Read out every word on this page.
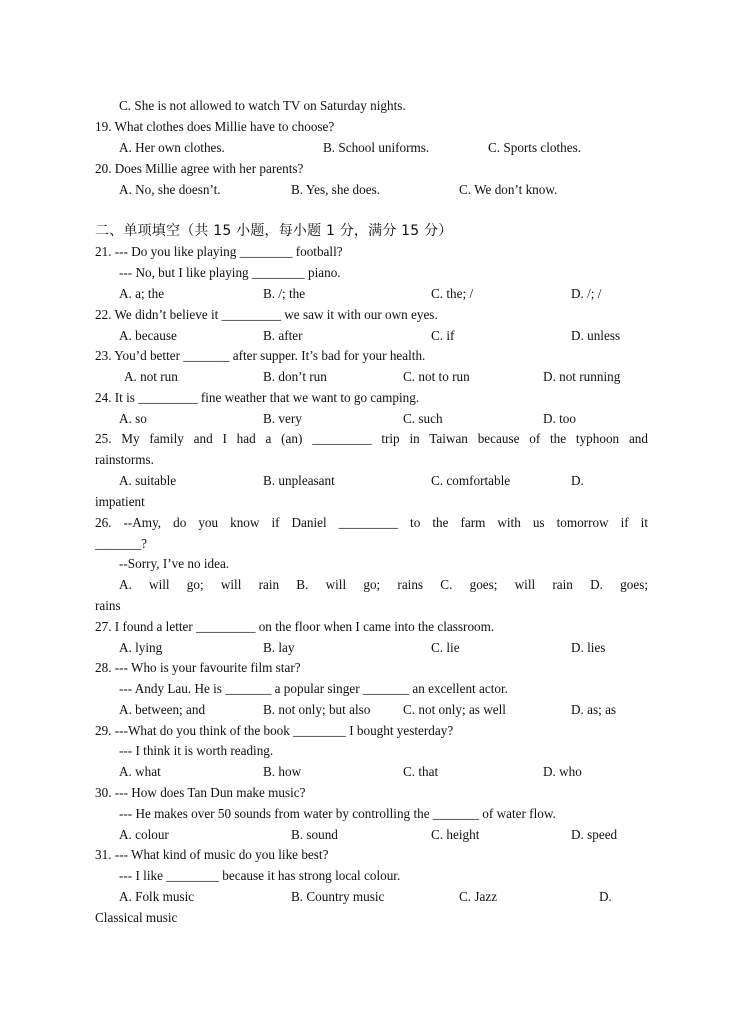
C. She is not allowed to watch TV on Saturday nights.
19. What clothes does Millie have to choose?
A. Her own clothes.	B. School uniforms.	C. Sports clothes.
20. Does Millie agree with her parents?
A. No, she doesn’t.	B. Yes, she does.	C. We don’t know.
二、单项填空（共 15 小题，每小题 1 分，满分 15 分）
21. --- Do you like playing ________ football?
--- No, but I like playing ________ piano.
A. a; the	B. /; the	C. the; /	D. /; /
22. We didn’t believe it _________ we saw it with our own eyes.
A. because	B. after	C. if	D. unless
23. You’d better _______ after supper. It’s bad for your health.
A. not run	B. don’t run	C. not to run	D. not running
24. It is _________ fine weather that we want to go camping.
A. so	B. very	C. such	D. too
25. My family and I had a (an) _________ trip in Taiwan because of the typhoon and
rainstorms.
A. suitable	B. unpleasant	C. comfortable	D.
impatient
26. --Amy, do you know if Daniel _________ to the farm with us tomorrow if it
_______?
--Sorry, I’ve no idea.
A. will go; will rain B. will go; rains C. goes; will rain D. goes;
rains
27. I found a letter _________ on the floor when I came into the classroom.
A. lying	B. lay	C. lie	D. lies
28. --- Who is your favourite film star?
--- Andy Lau. He is _______ a popular singer _______ an excellent actor.
A. between; and	B. not only; but also C. not only; as well	D. as; as
29. ---What do you think of the book ________ I bought yesterday?
--- I think it is worth reading.
A. what	B. how	C. that	D. who
30. --- How does Tan Dun make music?
--- He makes over 50 sounds from water by controlling the _______ of water flow.
A. colour	B. sound	C. height	D. speed
31. --- What kind of music do you like best?
--- I like ________ because it has strong local colour.
A. Folk music	B. Country music	C. Jazz	D.
Classical music
